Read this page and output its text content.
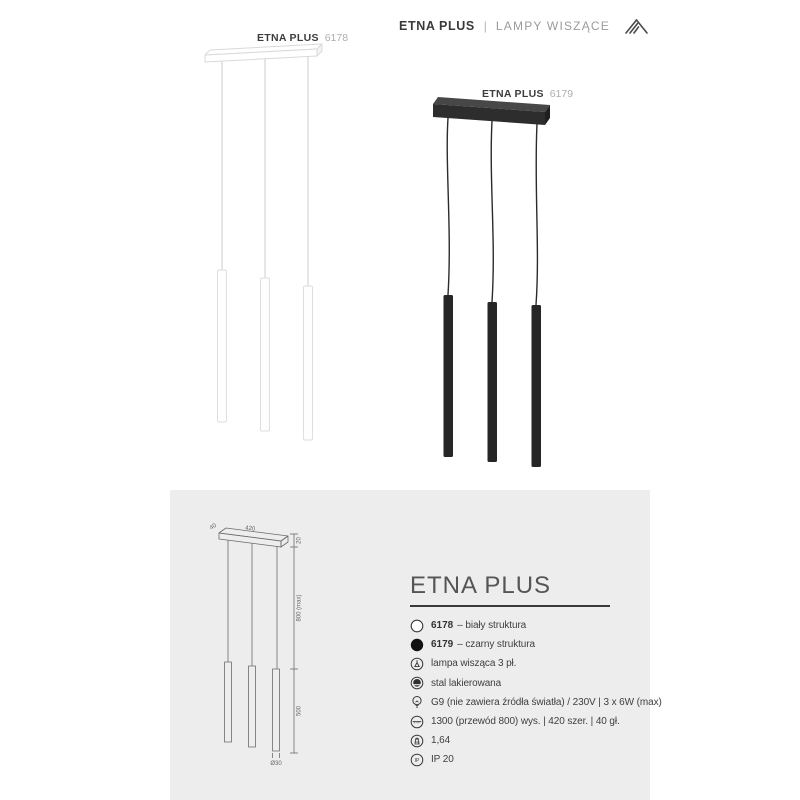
ETNA PLUS | LAMPY WISZĄCE
ETNA PLUS 6178
ETNA PLUS 6179
40	420
20
800 (max)
500
Ø30
ETNA PLUS
6178 – biały struktura
6179 – czarny struktura
lampa wisząca 3 pł.
stal lakierowana
G9 (nie zawiera źródła światła) / 230V | 3 x 6W (max)
1300 (przewód 800) wys. | 420 szer. | 40 gł.
kg 1,64
IP IP 20
